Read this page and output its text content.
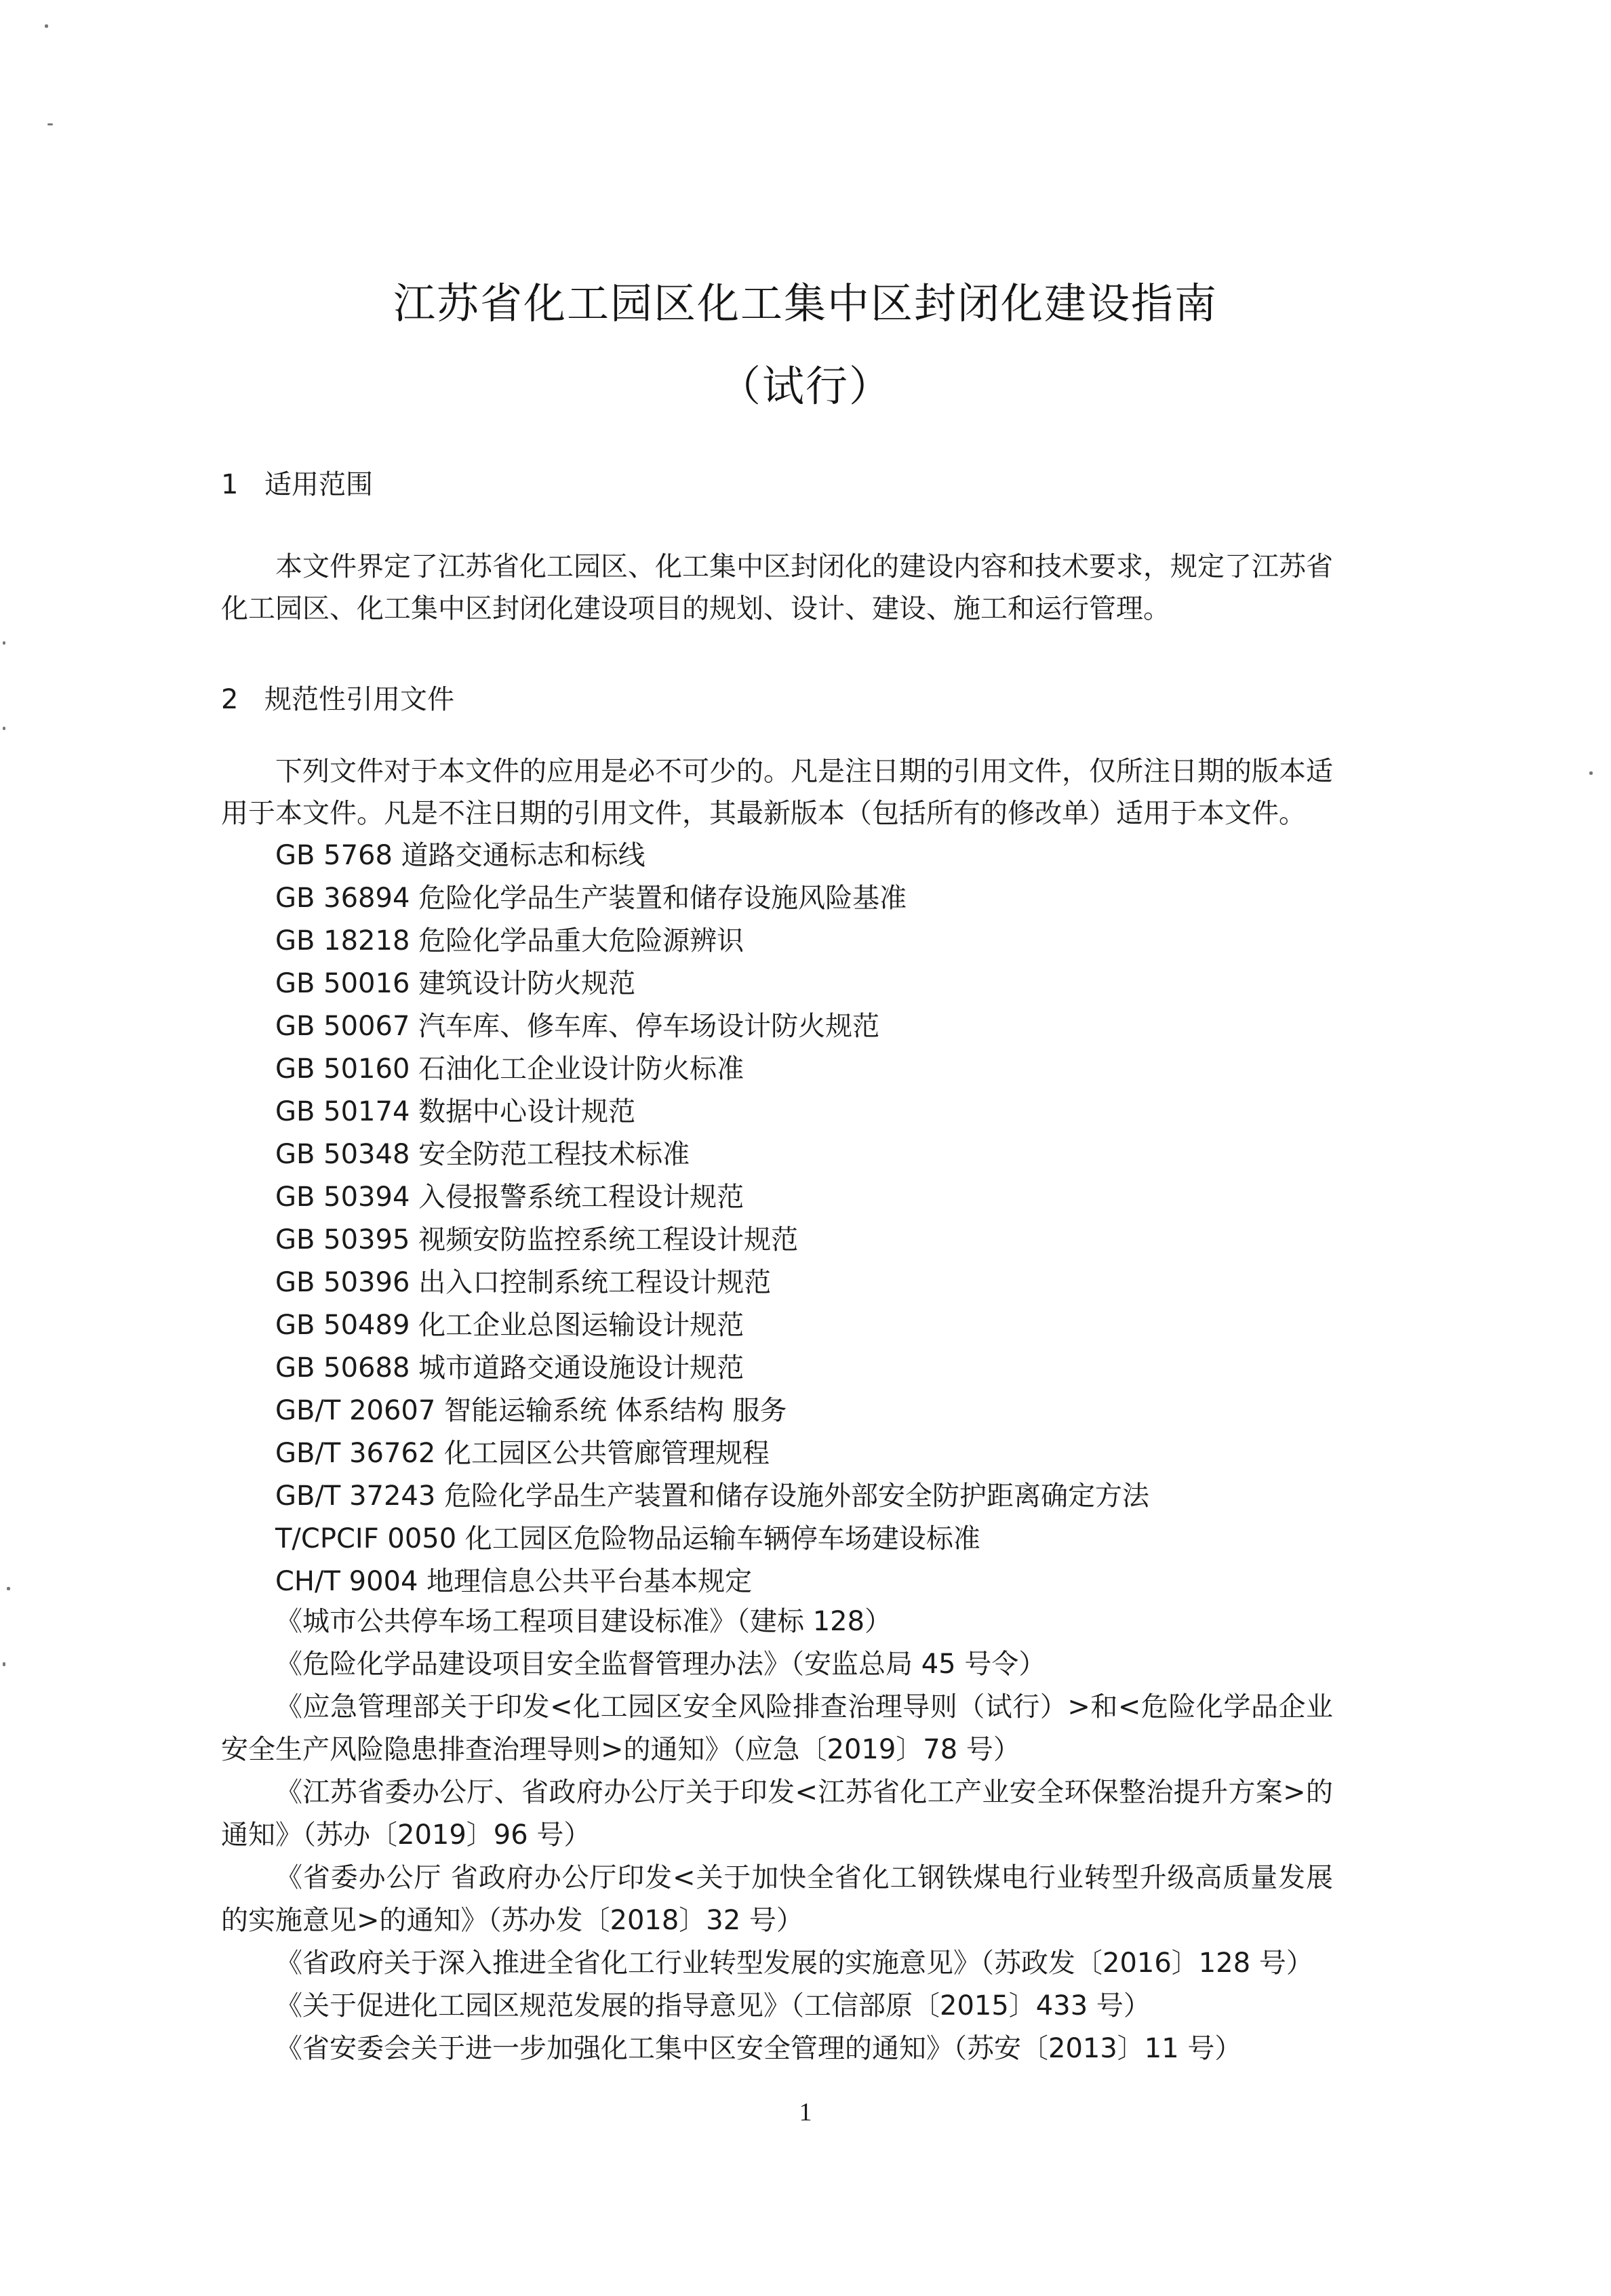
江苏省化工园区化工集中区封闭化建设指南
（试行）
1 适用范围
本文件界定了江苏省化工园区、化工集中区封闭化的建设内容和技术要求，规定了江苏省化工园区、化工集中区封闭化建设项目的规划、设计、建设、施工和运行管理。
2 规范性引用文件
下列文件对于本文件的应用是必不可少的。凡是注日期的引用文件，仅所注日期的版本适用于本文件。凡是不注日期的引用文件，其最新版本（包括所有的修改单）适用于本文件。
GB 5768 道路交通标志和标线
GB 36894 危险化学品生产装置和储存设施风险基准
GB 18218 危险化学品重大危险源辨识
GB 50016 建筑设计防火规范
GB 50067 汽车库、修车库、停车场设计防火规范
GB 50160 石油化工企业设计防火标准
GB 50174 数据中心设计规范
GB 50348 安全防范工程技术标准
GB 50394 入侵报警系统工程设计规范
GB 50395 视频安防监控系统工程设计规范
GB 50396 出入口控制系统工程设计规范
GB 50489 化工企业总图运输设计规范
GB 50688 城市道路交通设施设计规范
GB/T 20607 智能运输系统 体系结构 服务
GB/T 36762 化工园区公共管廊管理规程
GB/T 37243 危险化学品生产装置和储存设施外部安全防护距离确定方法
T/CPCIF 0050 化工园区危险物品运输车辆停车场建设标准
CH/T 9004 地理信息公共平台基本规定
《城市公共停车场工程项目建设标准》（建标 128）
《危险化学品建设项目安全监督管理办法》（安监总局 45 号令）
《应急管理部关于印发<化工园区安全风险排查治理导则（试行）>和<危险化学品企业安全生产风险隐患排查治理导则>的通知》（应急〔2019〕78 号）
《江苏省委办公厅、省政府办公厅关于印发<江苏省化工产业安全环保整治提升方案>的通知》（苏办〔2019〕96 号）
《省委办公厅 省政府办公厅印发<关于加快全省化工钢铁煤电行业转型升级高质量发展的实施意见>的通知》（苏办发〔2018〕32 号）
《省政府关于深入推进全省化工行业转型发展的实施意见》（苏政发〔2016〕128 号）
《关于促进化工园区规范发展的指导意见》（工信部原〔2015〕433 号）
《省安委会关于进一步加强化工集中区安全管理的通知》（苏安〔2013〕11 号）
1
